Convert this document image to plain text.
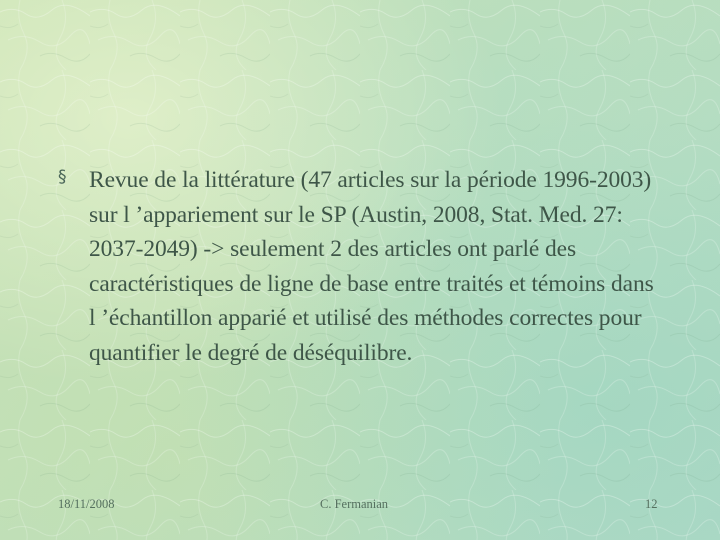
§ Revue de la littérature (47 articles sur la période 1996-2003) sur l ’appariement sur le SP (Austin, 2008, Stat. Med. 27: 2037-2049) -> seulement 2 des articles ont parlé des caractéristiques de ligne de base entre traités et témoins dans l ’échantillon apparié et utilisé des méthodes correctes pour quantifier le degré de déséquilibre.
18/11/2008	C. Fermanian	12
